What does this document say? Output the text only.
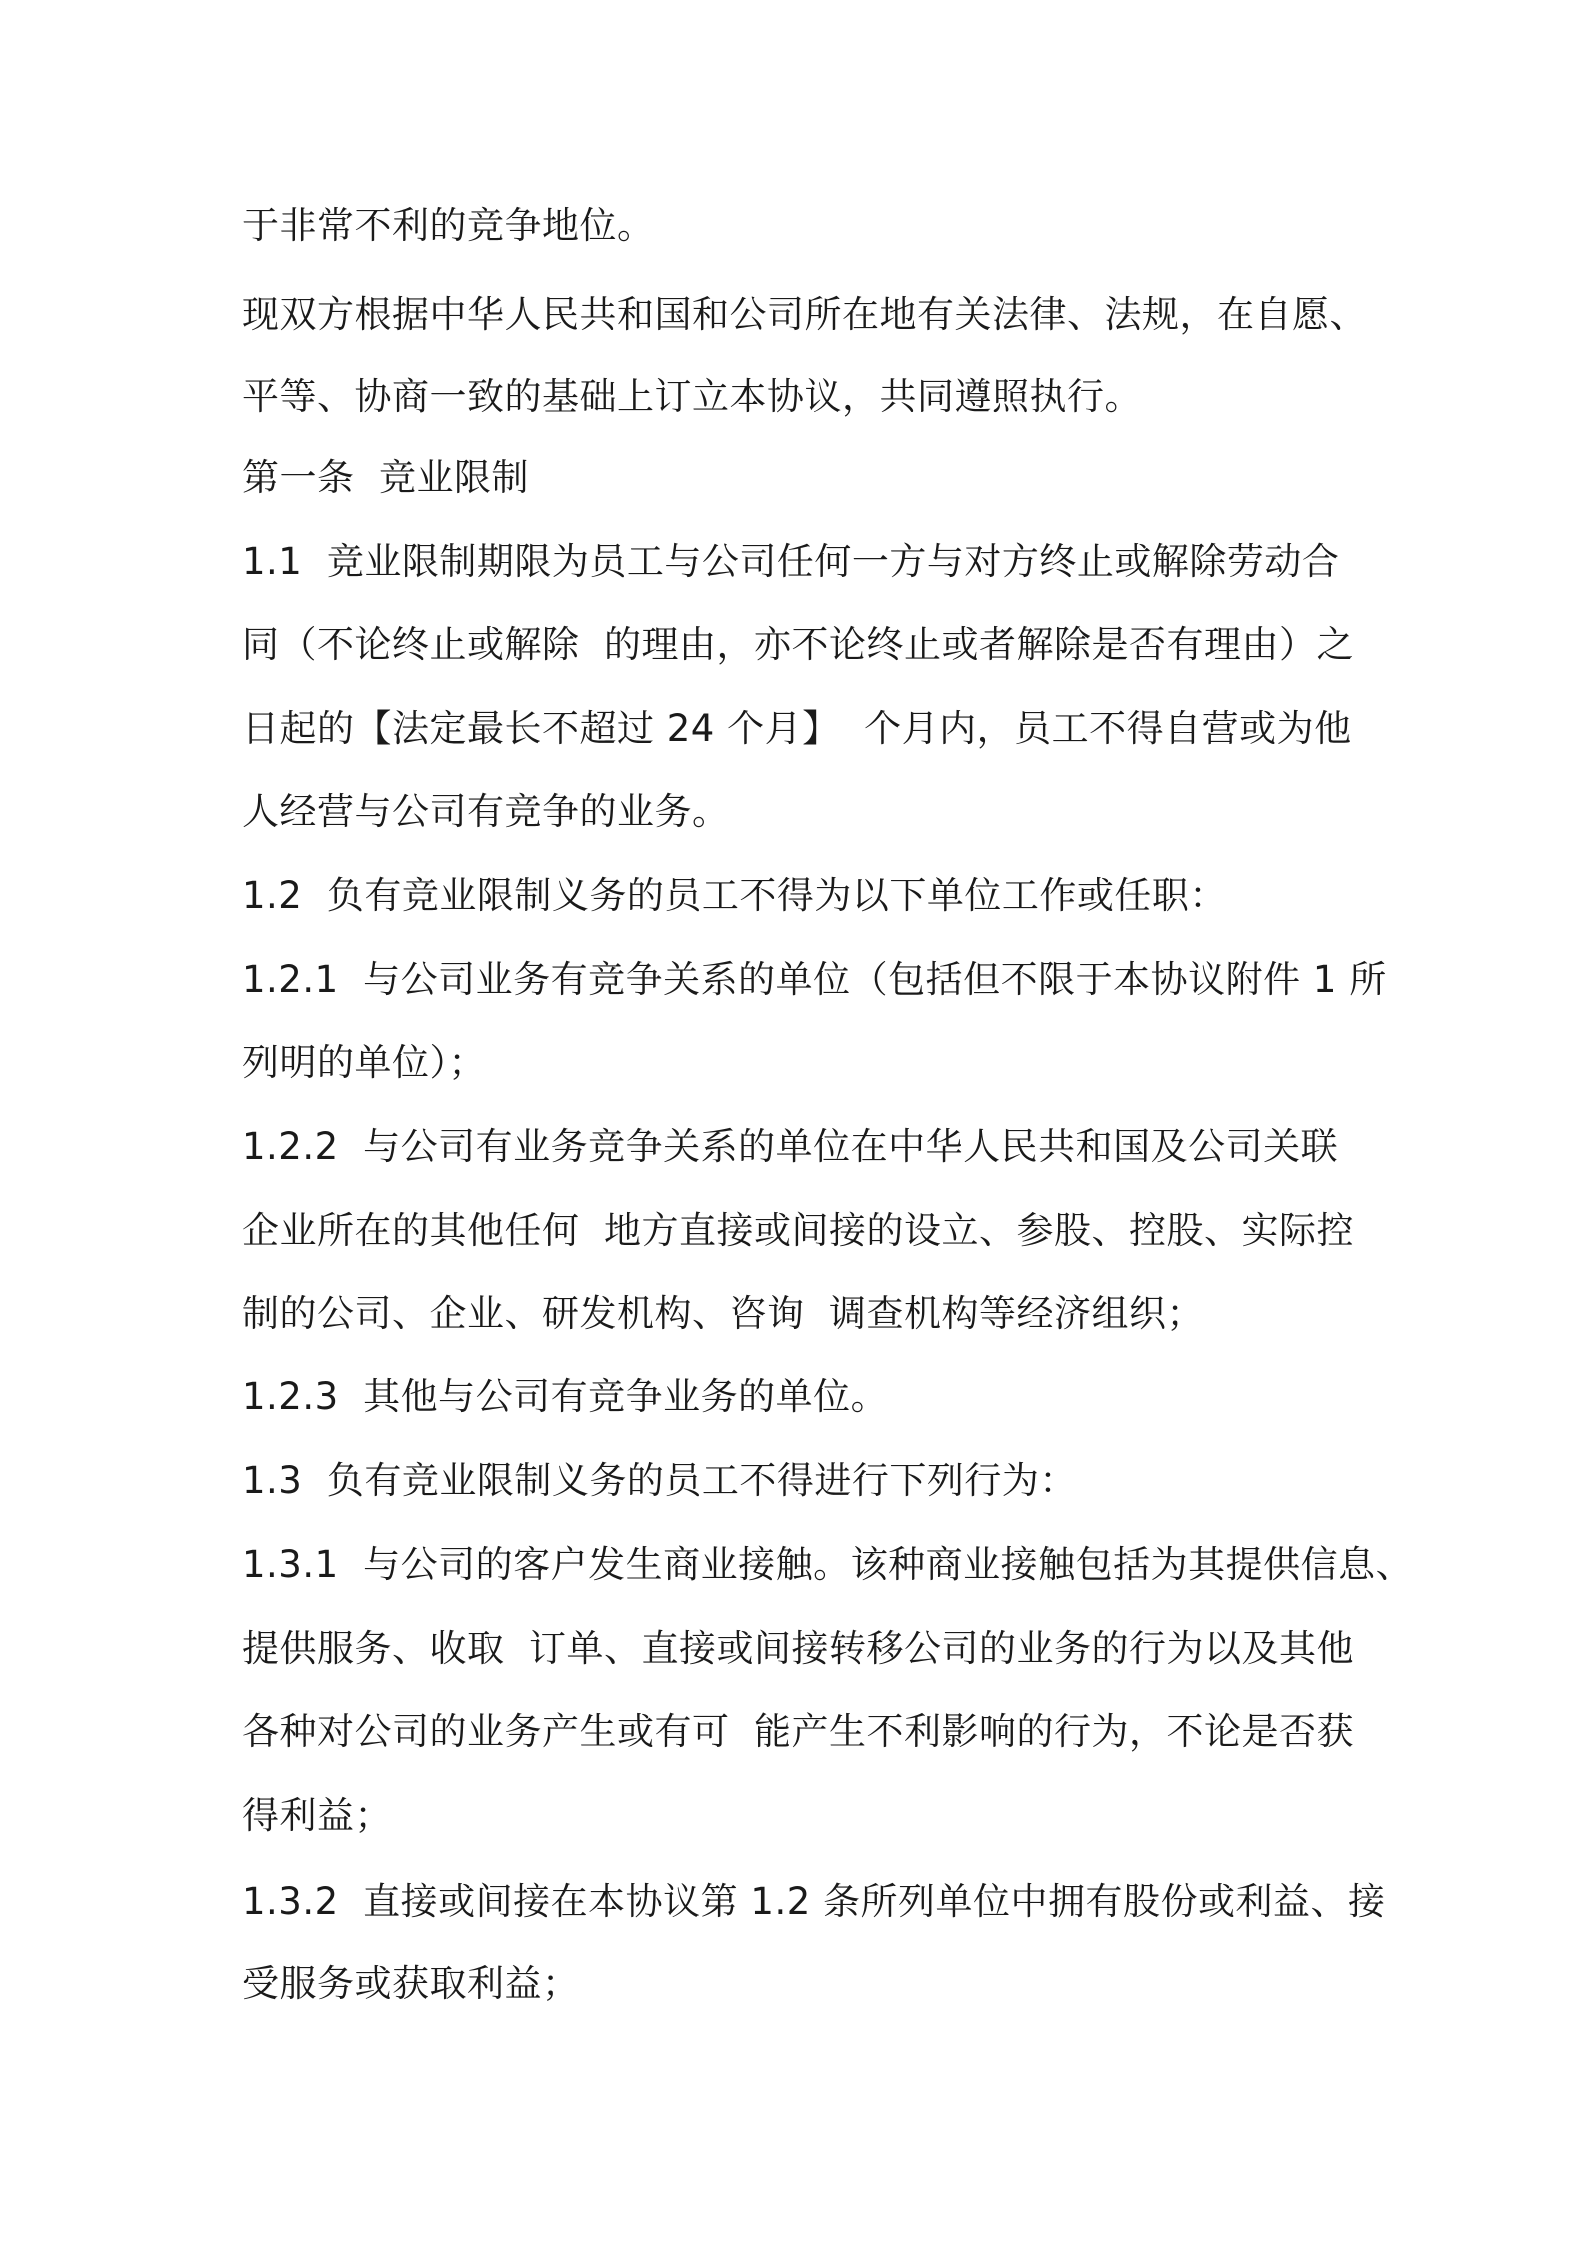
于非常不利的竞争地位。
现双方根据中华人民共和国和公司所在地有关法律、法规，在自愿、
平等、协商一致的基础上订立本协议，共同遵照执行。
第一条  竞业限制
1.1  竞业限制期限为员工与公司任何一方与对方终止或解除劳动合
同（不论终止或解除  的理由，亦不论终止或者解除是否有理由）之
日起的【法定最长不超过 24 个月】  个月内，员工不得自营或为他
人经营与公司有竞争的业务。
1.2  负有竞业限制义务的员工不得为以下单位工作或任职：
1.2.1  与公司业务有竞争关系的单位（包括但不限于本协议附件 1 所
列明的单位）；
1.2.2  与公司有业务竞争关系的单位在中华人民共和国及公司关联
企业所在的其他任何  地方直接或间接的设立、参股、控股、实际控
制的公司、企业、研发机构、咨询  调查机构等经济组织；
1.2.3  其他与公司有竞争业务的单位。
1.3  负有竞业限制义务的员工不得进行下列行为：
1.3.1  与公司的客户发生商业接触。该种商业接触包括为其提供信息、
提供服务、收取  订单、直接或间接转移公司的业务的行为以及其他
各种对公司的业务产生或有可  能产生不利影响的行为，不论是否获
得利益；
1.3.2  直接或间接在本协议第 1.2 条所列单位中拥有股份或利益、接
受服务或获取利益；
